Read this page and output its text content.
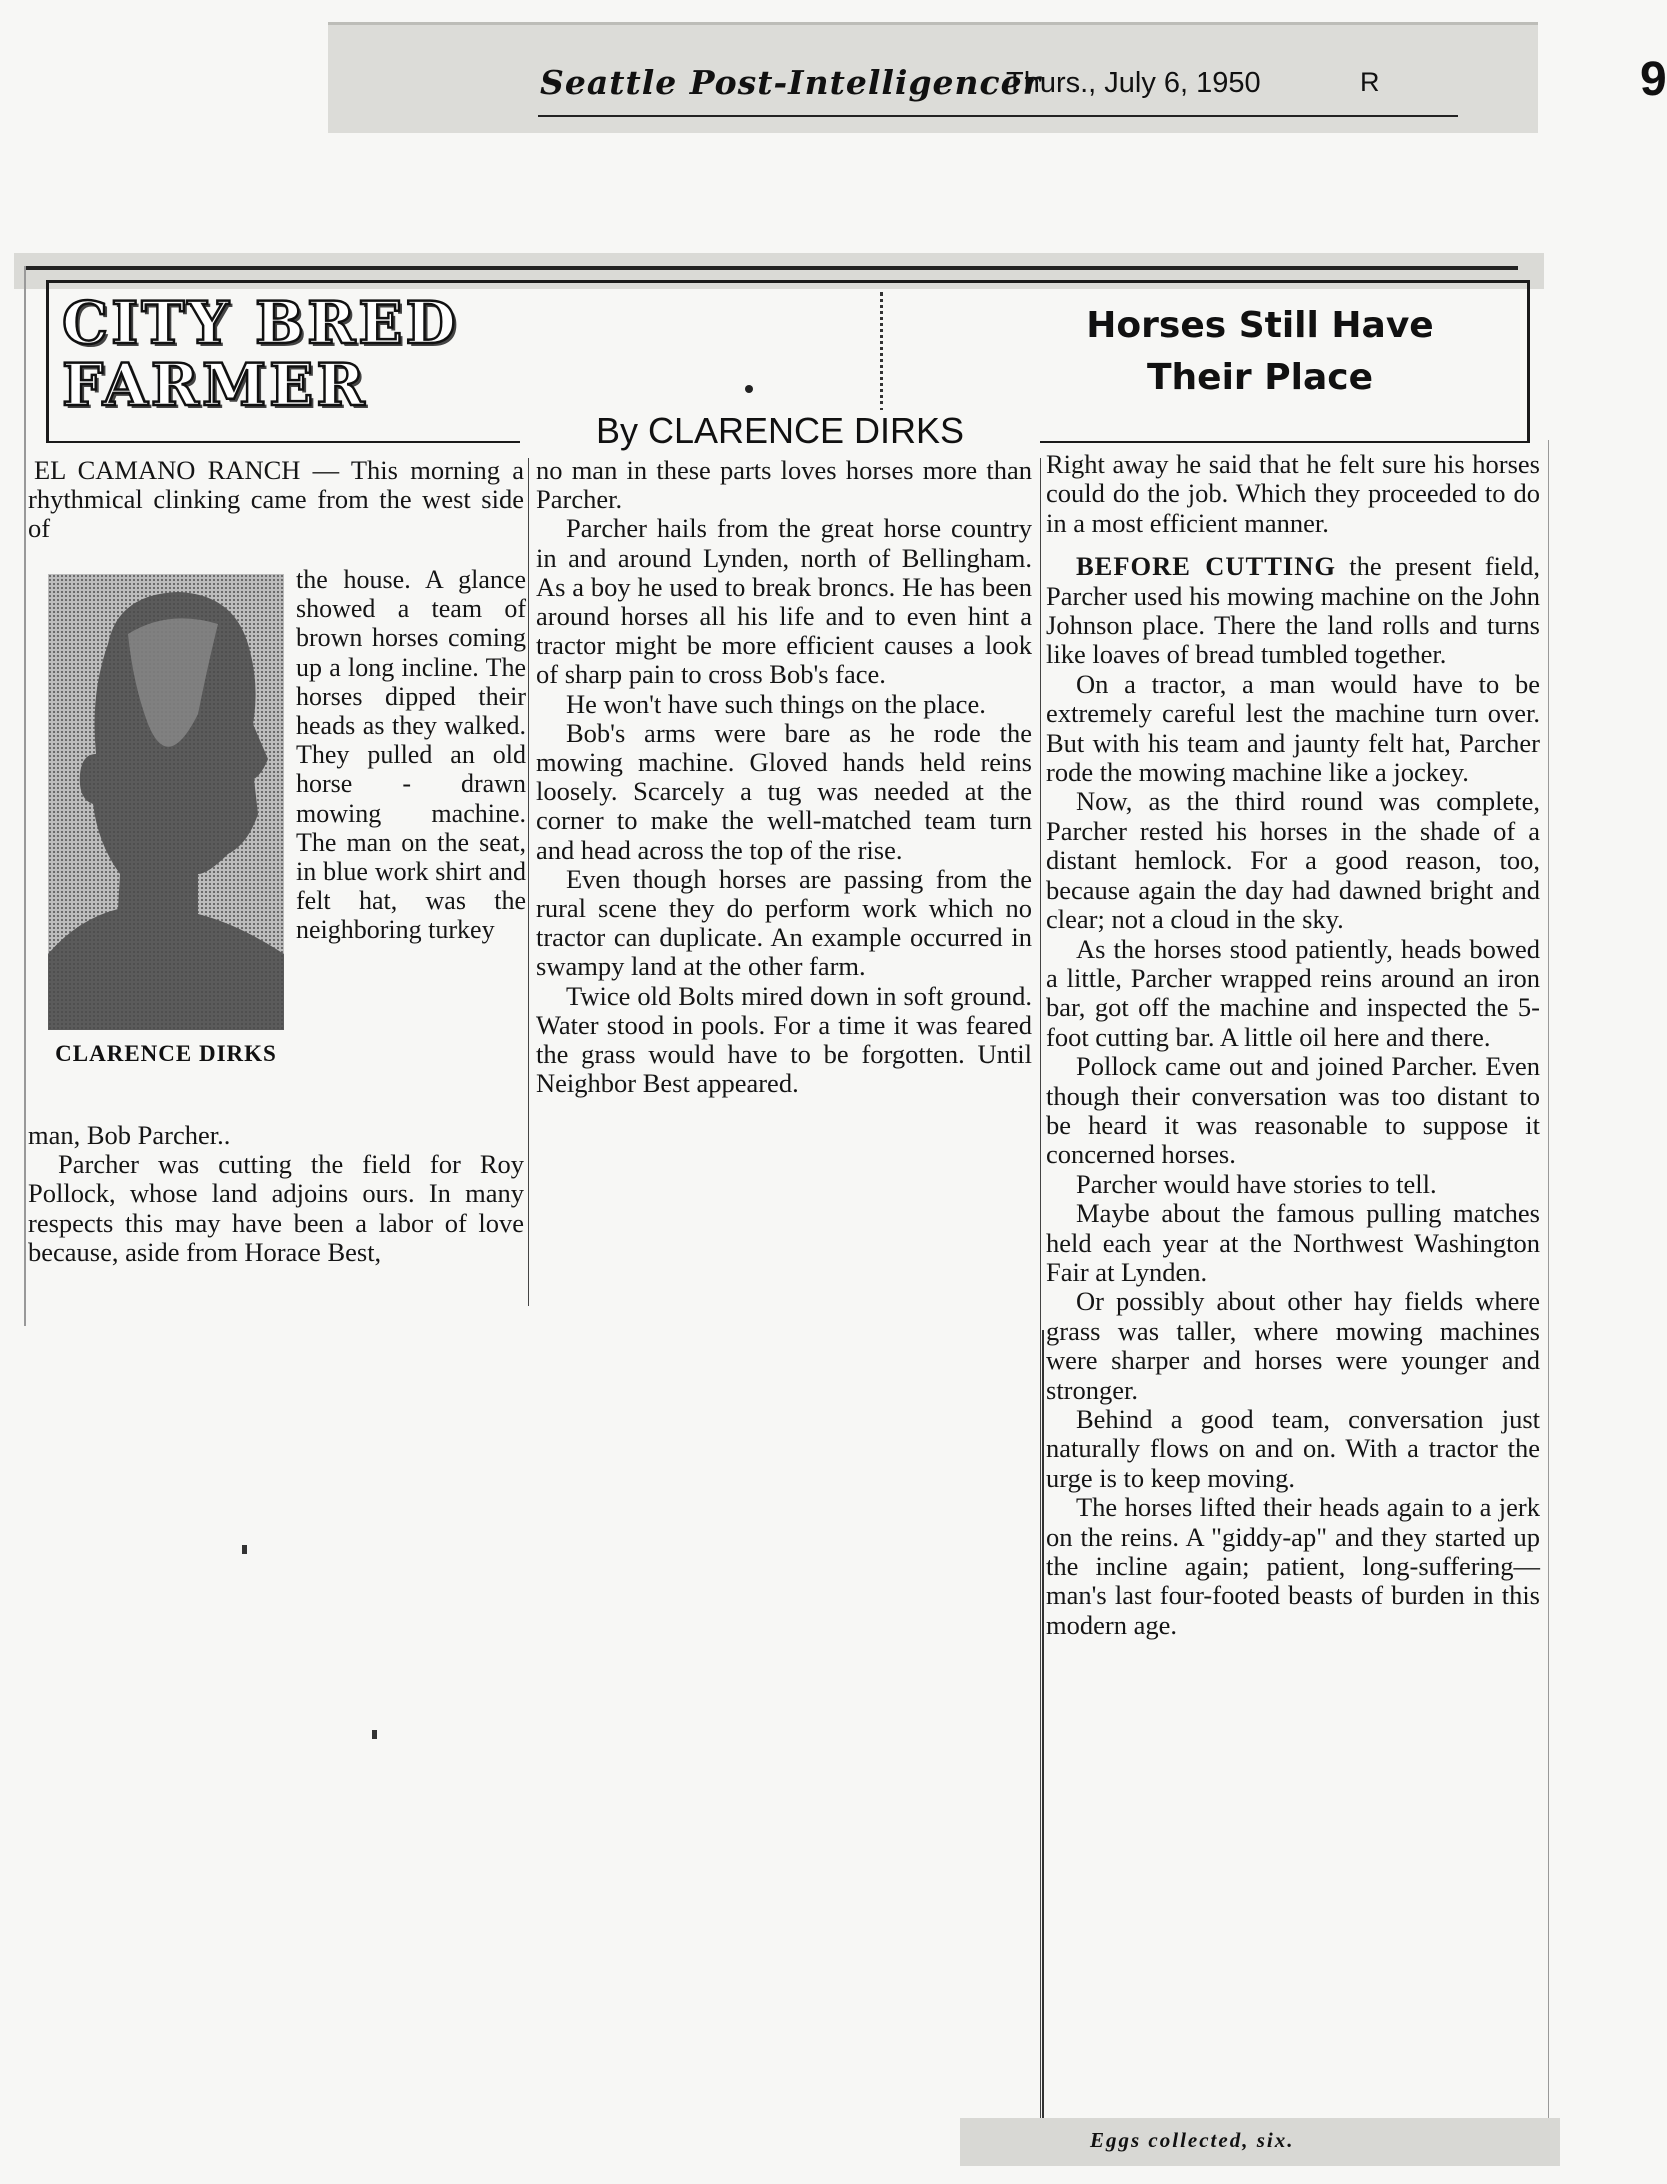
Seattle Post-Intelligencer
Thurs., July 6, 1950	R	9
CITY BRED FARMER
Horses Still Have Their Place
By CLARENCE DIRKS

EL CAMANO RANCH — This morning a rhythmical clinking came from the west side of

CLARENCE DIRKS
the house. A glance showed a team of brown horses coming up a long incline. The horses dipped their heads as they walked. They pulled an old horse - drawn mowing machine. The man on the seat, in blue work shirt and felt hat, was the neighboring turkey

man, Bob Parcher..

Parcher was cutting the field for Roy Pollock, whose land adjoins ours. In many respects this may have been a labor of love because, aside from Horace Best,

no man in these parts loves horses more than Parcher.

Parcher hails from the great horse country in and around Lynden, north of Bellingham. As a boy he used to break broncs. He has been around horses all his life and to even hint a tractor might be more efficient causes a look of sharp pain to cross Bob's face.

He won't have such things on the place.

Bob's arms were bare as he rode the mowing machine. Gloved hands held reins loosely. Scarcely a tug was needed at the corner to make the well-matched team turn and head across the top of the rise.

Even though horses are passing from the rural scene they do perform work which no tractor can duplicate. An example occurred in swampy land at the other farm.

Twice old Bolts mired down in soft ground. Water stood in pools. For a time it was feared the grass would have to be forgotten. Until Neighbor Best appeared.

Right away he said that he felt sure his horses could do the job. Which they proceeded to do in a most efficient manner.

BEFORE CUTTING the present field, Parcher used his mowing machine on the John Johnson place. There the land rolls and turns like loaves of bread tumbled together.

On a tractor, a man would have to be extremely careful lest the machine turn over. But with his team and jaunty felt hat, Parcher rode the mowing machine like a jockey.

Now, as the third round was complete, Parcher rested his horses in the shade of a distant hemlock. For a good reason, too, because again the day had dawned bright and clear; not a cloud in the sky.

As the horses stood patiently, heads bowed a little, Parcher wrapped reins around an iron bar, got off the machine and inspected the 5-foot cutting bar. A little oil here and there.

Pollock came out and joined Parcher. Even though their conversation was too distant to be heard it was reasonable to suppose it concerned horses.

Parcher would have stories to tell.

Maybe about the famous pulling matches held each year at the Northwest Washington Fair at Lynden.

Or possibly about other hay fields where grass was taller, where mowing machines were sharper and horses were younger and stronger.

Behind a good team, conversation just naturally flows on and on. With a tractor the urge is to keep moving.

The horses lifted their heads again to a jerk on the reins. A "giddy-ap" and they started up the incline again; patient, long-suffering—man's last four-footed beasts of burden in this modern age.

Eggs collected, six.
